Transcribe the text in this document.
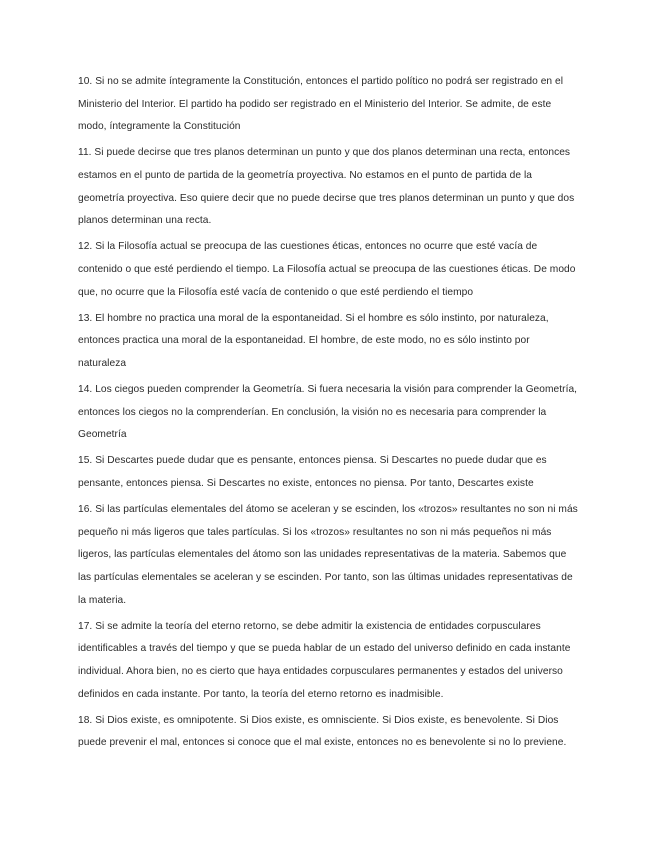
10. Si no se admite íntegramente la Constitución, entonces el partido político no podrá ser registrado en el Ministerio del Interior. El partido ha podido ser registrado en el Ministerio del Interior. Se admite, de este modo, íntegramente la Constitución

11. Si puede decirse que tres planos determinan un punto y que dos planos determinan una recta, entonces estamos en el punto de partida de la geometría proyectiva. No estamos en el punto de partida de la geometría proyectiva. Eso quiere decir que no puede decirse que tres planos determinan un punto y que dos planos determinan una recta.

12. Si la Filosofía actual se preocupa de las cuestiones éticas, entonces no ocurre que esté vacía de contenido o que esté perdiendo el tiempo. La Filosofía actual se preocupa de las cuestiones éticas. De modo que, no ocurre que la Filosofía esté vacía de contenido o que esté perdiendo el tiempo

13. El hombre no practica una moral de la espontaneidad. Si el hombre es sólo instinto, por naturaleza, entonces practica una moral de la espontaneidad. El hombre, de este modo, no es sólo instinto por naturaleza

14. Los ciegos pueden comprender la Geometría. Si fuera necesaria la visión para comprender la Geometría, entonces los ciegos no la comprenderían. En conclusión, la visión no es necesaria para comprender la Geometría

15. Si Descartes puede dudar que es pensante, entonces piensa. Si Descartes no puede dudar que es pensante, entonces piensa. Si Descartes no existe, entonces no piensa. Por tanto, Descartes existe

16. Si las partículas elementales del átomo se aceleran y se escinden, los «trozos» resultantes no son ni más pequeño ni más ligeros que tales partículas. Si los «trozos» resultantes no son ni más pequeños ni más ligeros, las partículas elementales del átomo son las unidades representativas de la materia. Sabemos que las partículas elementales se aceleran y se escinden. Por tanto, son las últimas unidades representativas de la materia.

17. Si se admite la teoría del eterno retorno, se debe admitir la existencia de entidades corpusculares identificables a través del tiempo y que se pueda hablar de un estado del universo definido en cada instante individual. Ahora bien, no es cierto que haya entidades corpusculares permanentes y estados del universo definidos en cada instante. Por tanto, la teoría del eterno retorno es inadmisible.

18. Si Dios existe, es omnipotente. Si Dios existe, es omnisciente. Si Dios existe, es benevolente. Si Dios puede prevenir el mal, entonces si conoce que el mal existe, entonces no es benevolente si no lo previene.
